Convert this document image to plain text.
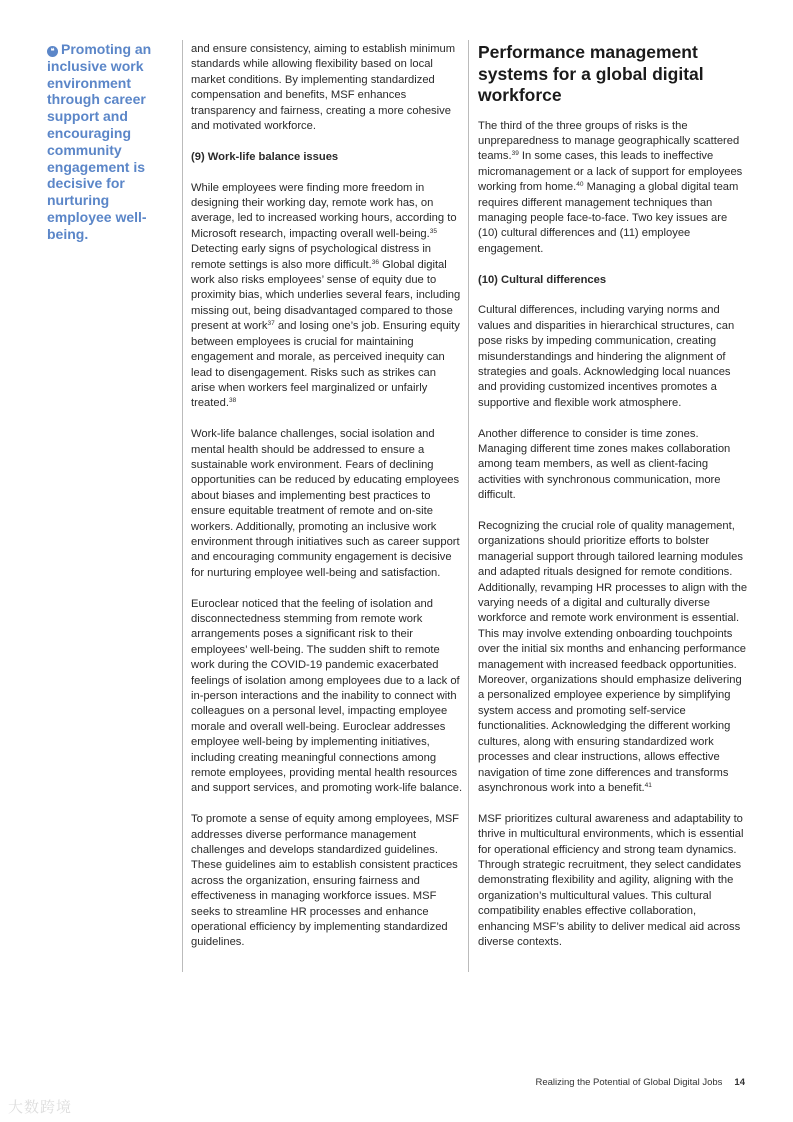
❝ Promoting an inclusive work environment through career support and encouraging community engagement is decisive for nurturing employee well-being.

and ensure consistency, aiming to establish minimum standards while allowing flexibility based on local market conditions. By implementing standardized compensation and benefits, MSF enhances transparency and fairness, creating a more cohesive and motivated workforce.

(9) Work-life balance issues

While employees were finding more freedom in designing their working day, remote work has, on average, led to increased working hours, according to Microsoft research, impacting overall well-being.$^{35}$ Detecting early signs of psychological distress in remote settings is also more difficult.$^{36}$ Global digital work also risks employees’ sense of equity due to proximity bias, which underlies several fears, including missing out, being disadvantaged compared to those present at work$^{37}$ and losing one’s job. Ensuring equity between employees is crucial for maintaining engagement and morale, as perceived inequity can lead to disengagement. Risks such as strikes can arise when workers feel marginalized or unfairly treated.$^{38}$

Work-life balance challenges, social isolation and mental health should be addressed to ensure a sustainable work environment. Fears of declining opportunities can be reduced by educating employees about biases and implementing best practices to ensure equitable treatment of remote and on-site workers. Additionally, promoting an inclusive work environment through initiatives such as career support and encouraging community engagement is decisive for nurturing employee well-being and satisfaction.

Euroclear noticed that the feeling of isolation and disconnectedness stemming from remote work arrangements poses a significant risk to their employees’ well-being. The sudden shift to remote work during the COVID-19 pandemic exacerbated feelings of isolation among employees due to a lack of in-person interactions and the inability to connect with colleagues on a personal level, impacting employee morale and overall well-being. Euroclear addresses employee well-being by implementing initiatives, including creating meaningful connections among remote employees, providing mental health resources and support services, and promoting work-life balance.

To promote a sense of equity among employees, MSF addresses diverse performance management challenges and develops standardized guidelines. These guidelines aim to establish consistent practices across the organization, ensuring fairness and effectiveness in managing workforce issues. MSF seeks to streamline HR processes and enhance operational efficiency by implementing standardized guidelines.

Performance management systems for a global digital workforce

The third of the three groups of risks is the unpreparedness to manage geographically scattered teams.$^{39}$ In some cases, this leads to ineffective micromanagement or a lack of support for employees working from home.$^{40}$ Managing a global digital team requires different management techniques than managing people face-to-face. Two key issues are (10) cultural differences and (11) employee engagement.

(10) Cultural differences

Cultural differences, including varying norms and values and disparities in hierarchical structures, can pose risks by impeding communication, creating misunderstandings and hindering the alignment of strategies and goals. Acknowledging local nuances and providing customized incentives promotes a supportive and flexible work atmosphere.

Another difference to consider is time zones. Managing different time zones makes collaboration among team members, as well as client-facing activities with synchronous communication, more difficult.

Recognizing the crucial role of quality management, organizations should prioritize efforts to bolster managerial support through tailored learning modules and adapted rituals designed for remote conditions. Additionally, revamping HR processes to align with the varying needs of a digital and culturally diverse workforce and remote work environment is essential. This may involve extending onboarding touchpoints over the initial six months and enhancing performance management with increased feedback opportunities. Moreover, organizations should emphasize delivering a personalized employee experience by simplifying system access and promoting self-service functionalities. Acknowledging the different working cultures, along with ensuring standardized work processes and clear instructions, allows effective navigation of time zone differences and transforms asynchronous work into a benefit.$^{41}$

MSF prioritizes cultural awareness and adaptability to thrive in multicultural environments, which is essential for operational efficiency and strong team dynamics. Through strategic recruitment, they select candidates demonstrating flexibility and agility, aligning with the organization’s multicultural values. This cultural compatibility enables effective collaboration, enhancing MSF’s ability to deliver medical aid across diverse contexts.

Realizing the Potential of Global Digital Jobs 14
大数跨境
